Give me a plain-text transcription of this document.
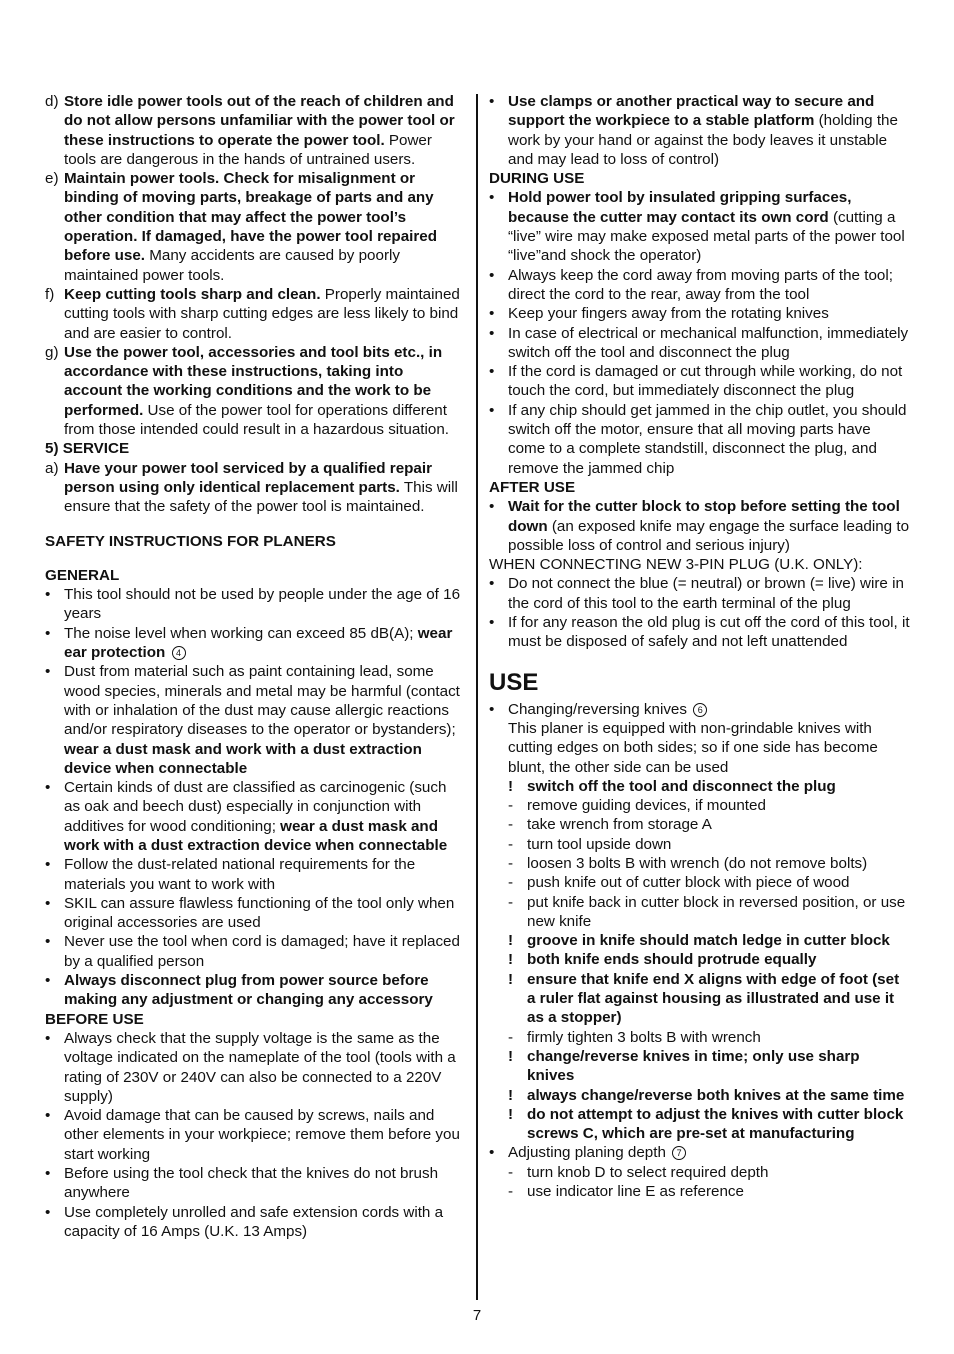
d) Store idle power tools out of the reach of children and do not allow persons unfamiliar with the power tool or these instructions to operate the power tool. Power tools are dangerous in the hands of untrained users.
e) Maintain power tools. Check for misalignment or binding of moving parts, breakage of parts and any other condition that may affect the power tool’s operation. If damaged, have the power tool repaired before use. Many accidents are caused by poorly maintained power tools.
f) Keep cutting tools sharp and clean. Properly maintained cutting tools with sharp cutting edges are less likely to bind and are easier to control.
g) Use the power tool, accessories and tool bits etc., in accordance with these instructions, taking into account the working conditions and the work to be performed. Use of the power tool for operations different from those intended could result in a hazardous situation.
5) SERVICE
a) Have your power tool serviced by a qualified repair person using only identical replacement parts. This will ensure that the safety of the power tool is maintained.
SAFETY INSTRUCTIONS FOR PLANERS
GENERAL
• This tool should not be used by people under the age of 16 years
• The noise level when working can exceed 85 dB(A); wear ear protection 4
• Dust from material such as paint containing lead, some wood species, minerals and metal may be harmful (contact with or inhalation of the dust may cause allergic reactions and/or respiratory diseases to the operator or bystanders); wear a dust mask and work with a dust extraction device when connectable
• Certain kinds of dust are classified as carcinogenic (such as oak and beech dust) especially in conjunction with additives for wood conditioning; wear a dust mask and work with a dust extraction device when connectable
• Follow the dust-related national requirements for the materials you want to work with
• SKIL can assure flawless functioning of the tool only when original accessories are used
• Never use the tool when cord is damaged; have it replaced by a qualified person
• Always disconnect plug from power source before making any adjustment or changing any accessory
BEFORE USE
• Always check that the supply voltage is the same as the voltage indicated on the nameplate of the tool (tools with a rating of 230V or 240V can also be connected to a 220V supply)
• Avoid damage that can be caused by screws, nails and other elements in your workpiece; remove them before you start working
• Before using the tool check that the knives do not brush anywhere
• Use completely unrolled and safe extension cords with a capacity of 16 Amps (U.K. 13 Amps)
• Use clamps or another practical way to secure and support the workpiece to a stable platform (holding the work by your hand or against the body leaves it unstable and may lead to loss of control)
DURING USE
• Hold power tool by insulated gripping surfaces, because the cutter may contact its own cord (cutting a “live” wire may make exposed metal parts of the power tool “live”and shock the operator)
• Always keep the cord away from moving parts of the tool; direct the cord to the rear, away from the tool
• Keep your fingers away from the rotating knives
• In case of electrical or mechanical malfunction, immediately switch off the tool and disconnect the plug
• If the cord is damaged or cut through while working, do not touch the cord, but immediately disconnect the plug
• If any chip should get jammed in the chip outlet, you should switch off the motor, ensure that all moving parts have come to a complete standstill, disconnect the plug, and remove the jammed chip
AFTER USE
• Wait for the cutter block to stop before setting the tool down (an exposed knife may engage the surface leading to possible loss of control and serious injury)
WHEN CONNECTING NEW 3-PIN PLUG (U.K. ONLY):
• Do not connect the blue (= neutral) or brown (= live) wire in the cord of this tool to the earth terminal of the plug
• If for any reason the old plug is cut off the cord of this tool, it must be disposed of safely and not left unattended
USE
• Changing/reversing knives 6
This planer is equipped with non-grindable knives with cutting edges on both sides; so if one side has become blunt, the other side can be used
! switch off the tool and disconnect the plug
- remove guiding devices, if mounted
- take wrench from storage A
- turn tool upside down
- loosen 3 bolts B with wrench (do not remove bolts)
- push knife out of cutter block with piece of wood
- put knife back in cutter block in reversed position, or use new knife
! groove in knife should match ledge in cutter block
! both knife ends should protrude equally
! ensure that knife end X aligns with edge of foot (set a ruler flat against housing as illustrated and use it as a stopper)
- firmly tighten 3 bolts B with wrench
! change/reverse knives in time; only use sharp knives
! always change/reverse both knives at the same time
! do not attempt to adjust the knives with cutter block screws C, which are pre-set at manufacturing
• Adjusting planing depth 7
- turn knob D to select required depth
- use indicator line E as reference
7
